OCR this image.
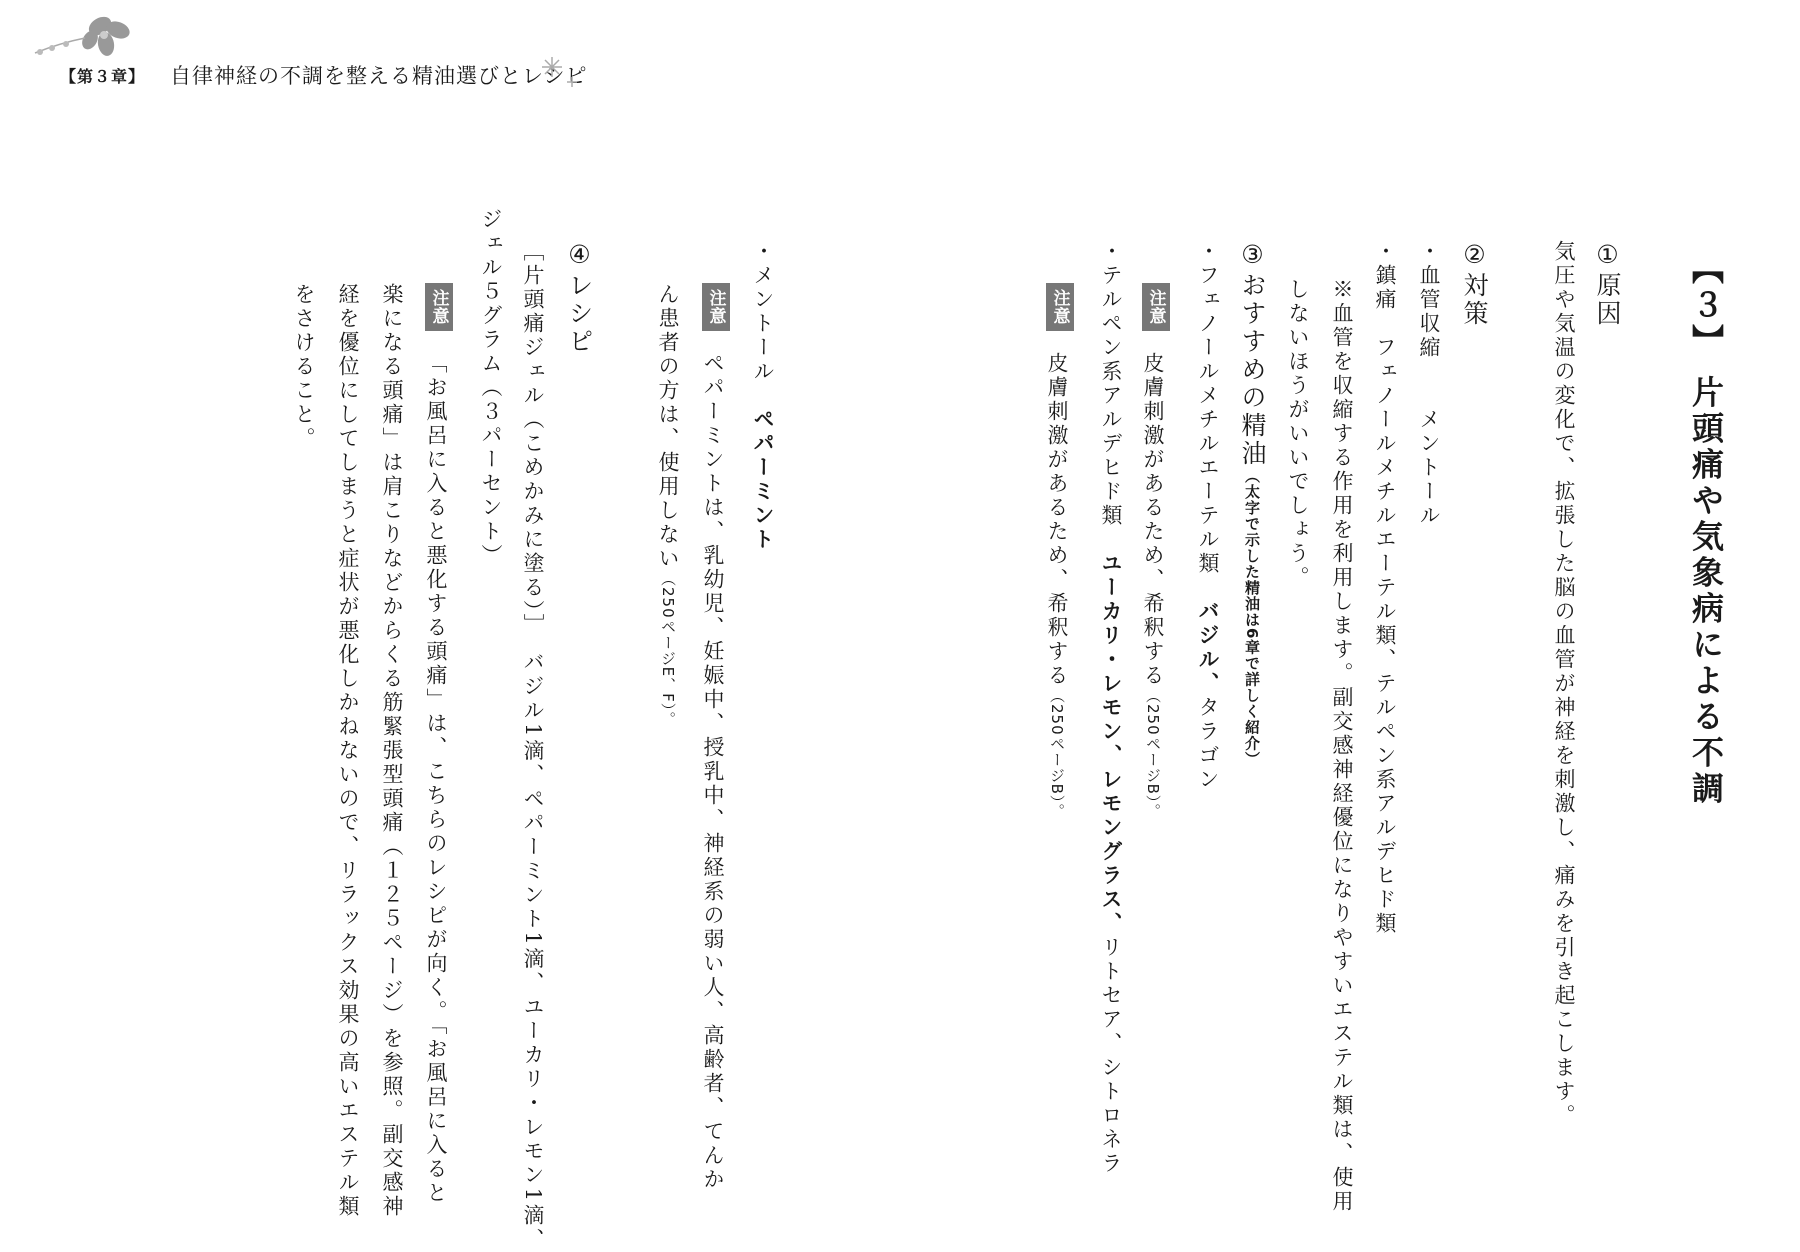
【第３章】 自律神経の不調を整える精油選びとレシピ
【３】 片頭痛や気象病による不調
①原因
気圧や気温の変化で、拡張した脳の血管が神経を刺激し、痛みを引き起こします。
②対策
・血管収縮　　メントール
・鎮痛　フェノールメチルエーテル類、テルペン系アルデヒド類
※血管を収縮する作用を利用します。副交感神経優位になりやすいエステル類は、使用
しないほうがいいでしょう。
③おすすめの精油（太字で示した精油は6章で詳しく紹介）
・フェノールメチルエーテル類　バジル、タラゴン
注意
皮膚刺激があるため、希釈する（250ページB）。
・テルペン系アルデヒド類　ユーカリ・レモン、レモングラス、リトセア、シトロネラ
注意
皮膚刺激があるため、希釈する（250ページB）。
・メントール　ペパーミント
注意
ペパーミントは、乳幼児、妊娠中、授乳中、神経系の弱い人、高齢者、てんか
ん患者の方は、使用しない（250ページE、F）。
④レシピ
［片頭痛ジェル（こめかみに塗る）］　バジル1滴、ペパーミント1滴、ユーカリ・レモン1滴、
ジェル５グラム（３パーセント）
注意
「お風呂に入ると悪化する頭痛」は、こちらのレシピが向く。「お風呂に入ると
楽になる頭痛」は肩こりなどからくる筋緊張型頭痛（１２５ページ）を参照。副交感神
経を優位にしてしまうと症状が悪化しかねないので、リラックス効果の高いエステル類
をさけること。
